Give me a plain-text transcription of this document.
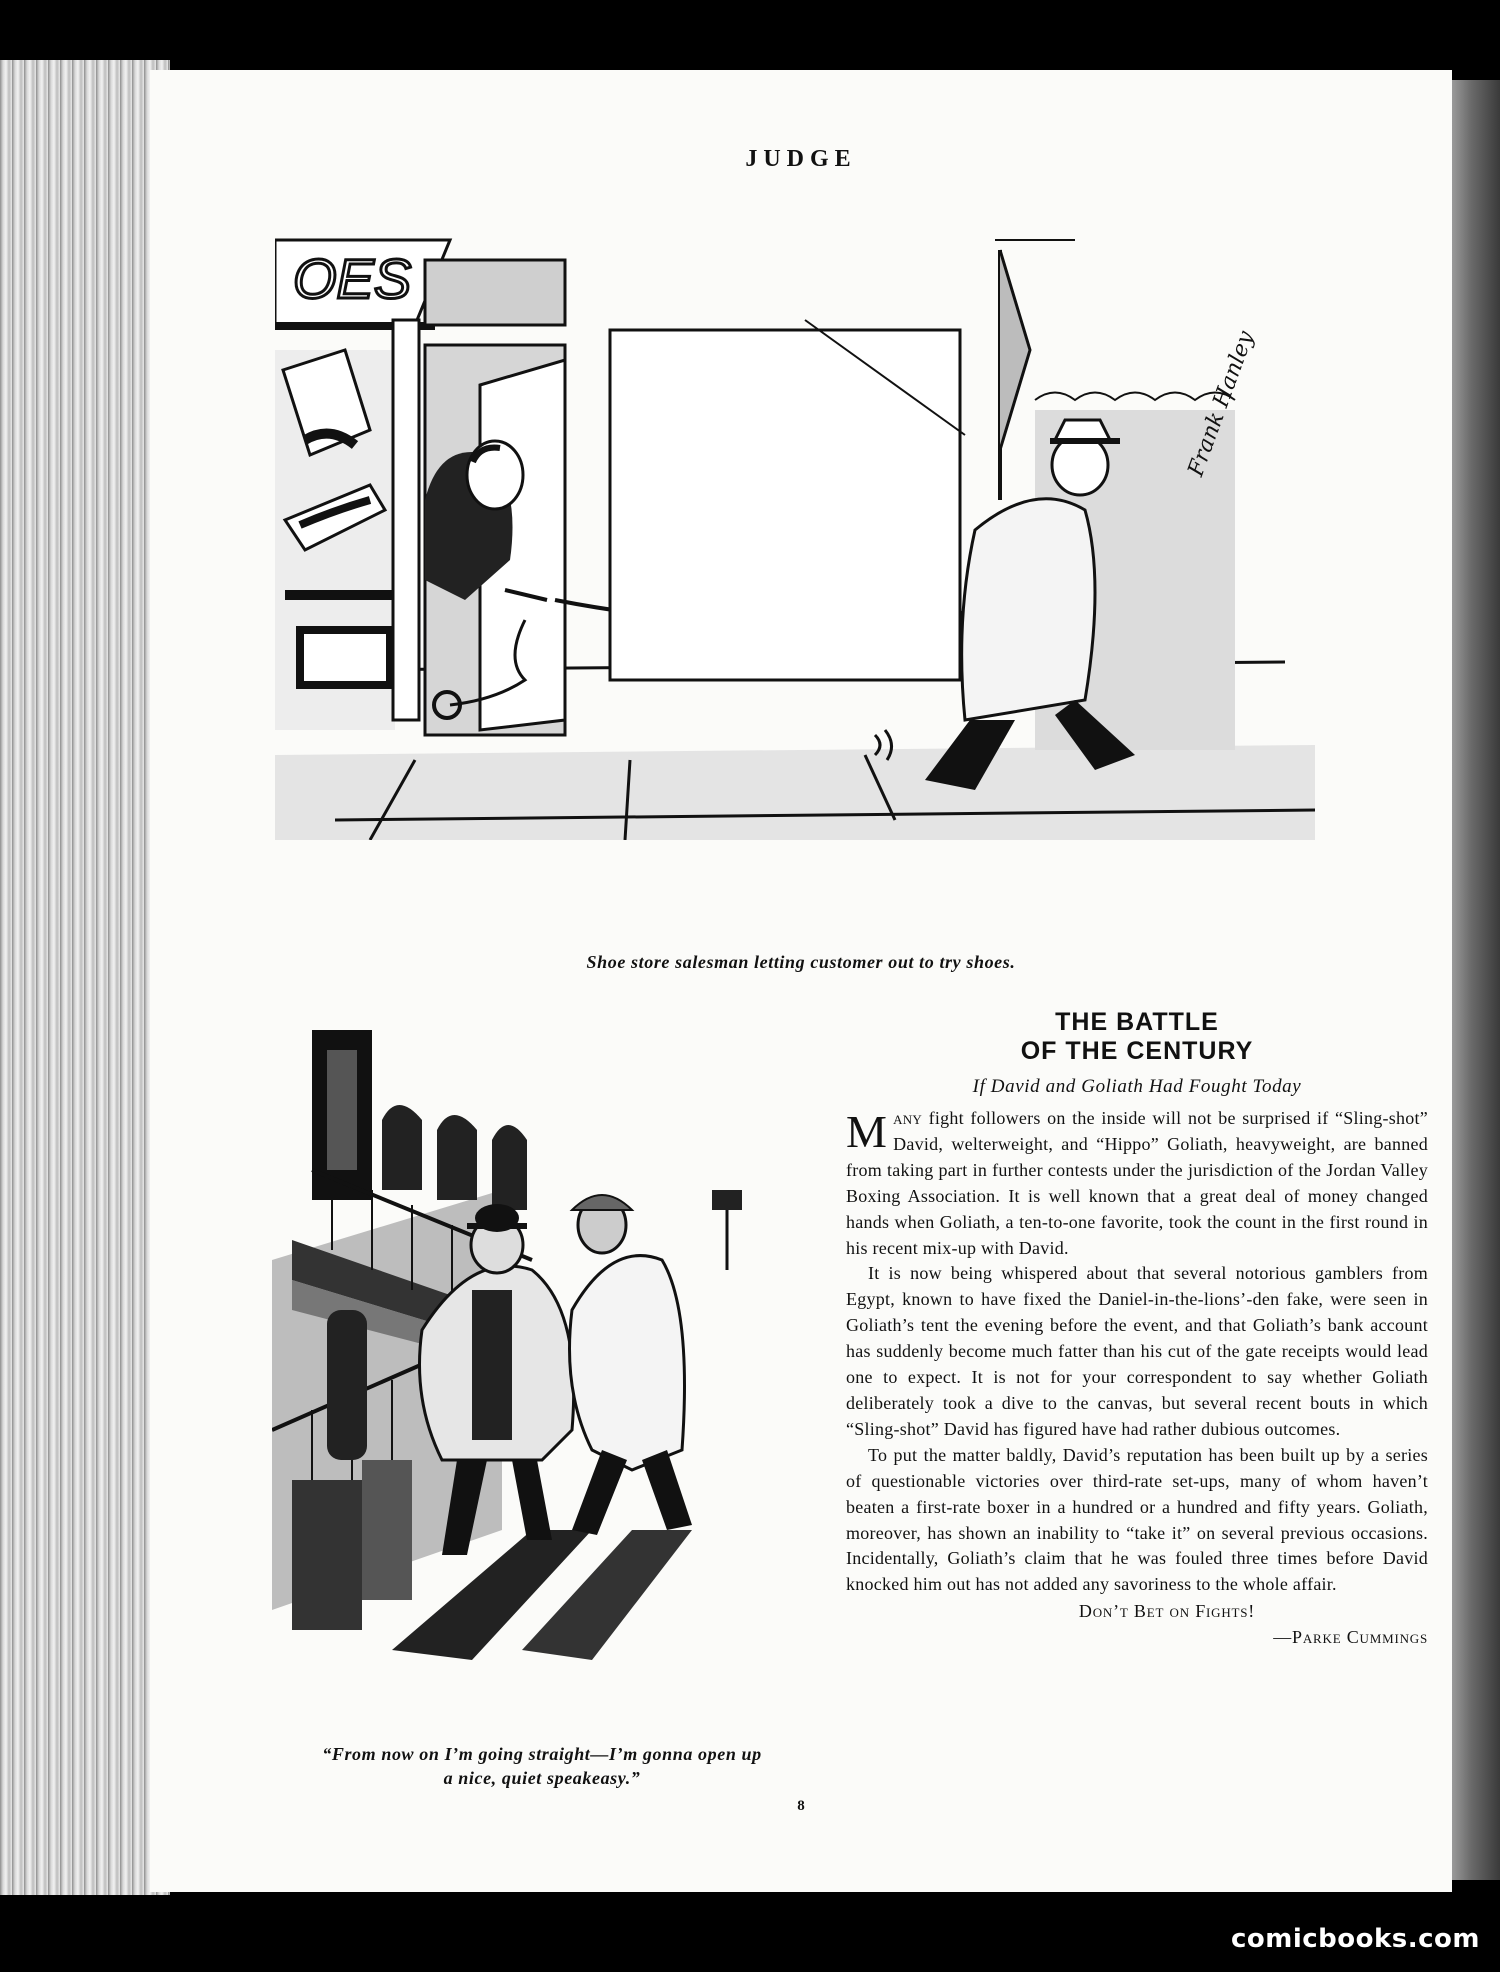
JUDGE
OES
Frank Hanley
Shoe store salesman letting customer out to try shoes.
“From now on I’m going straight—I’m gonna open up
a nice, quiet speakeasy.”
THE BATTLE
OF THE CENTURY
If David and Goliath Had Fought Today

Many fight followers on the inside will not be surprised if “Sling-shot” David, welterweight, and “Hippo” Goliath, heavyweight, are banned from taking part in further contests under the jurisdiction of the Jordan Valley Boxing Association. It is well known that a great deal of money changed hands when Goliath, a ten-to-one favorite, took the count in the first round in his recent mix-up with David.

It is now being whispered about that several notorious gamblers from Egypt, known to have fixed the Daniel-in-the-lions’-den fake, were seen in Goliath’s tent the evening before the event, and that Goliath’s bank account has suddenly become much fatter than his cut of the gate receipts would lead one to expect. It is not for your correspondent to say whether Goliath deliberately took a dive to the canvas, but several recent bouts in which “Sling-shot” David has figured have had rather dubious outcomes.

To put the matter baldly, David’s reputation has been built up by a series of questionable victories over third-rate set-ups, many of whom haven’t beaten a first-rate boxer in a hundred or a hundred and fifty years. Goliath, moreover, has shown an inability to “take it” on several previous occasions. Incidentally, Goliath’s claim that he was fouled three times before David knocked him out has not added any savoriness to the whole affair.

Don’t Bet on Fights!
—Parke Cummings
8
comicbooks.com
